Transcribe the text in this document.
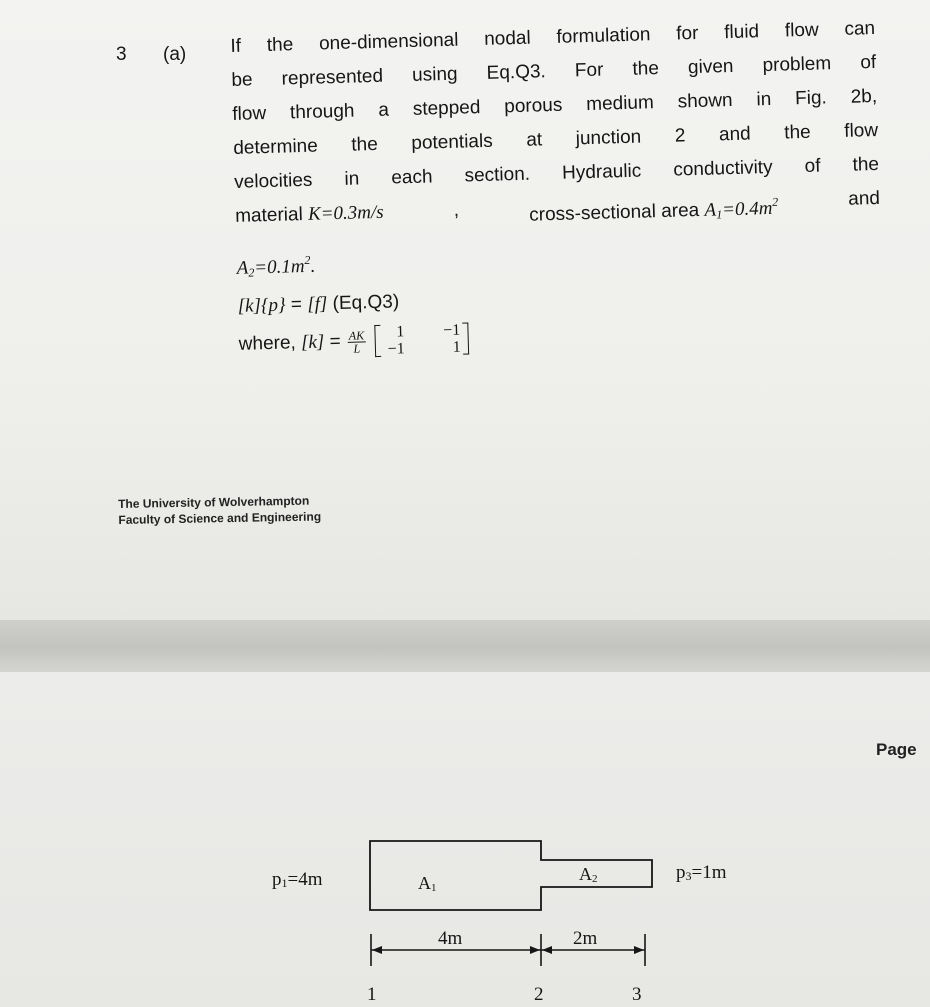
3 (a) If the one-dimensional nodal formulation for fluid flow can
be represented using Eq.Q3. For the given problem of
flow through a stepped porous medium shown in Fig. 2b,
determine the potentials at junction 2 and the flow
velocities in each section. Hydraulic conductivity of the
material K=0.3m/s	,	cross-sectional area $A_1=0.4m^2$	and
$A_2=0.1m^2$.
[k]{p} = [f] (Eq.Q3)
where, $[k] = \frac{AK}{L}$
	1	−1
−1	1
The University of Wolverhampton
Faculty of Science and Engineering
Page
p1=4m	A1
A2	p3=1m
4m	2m
1	2	3
